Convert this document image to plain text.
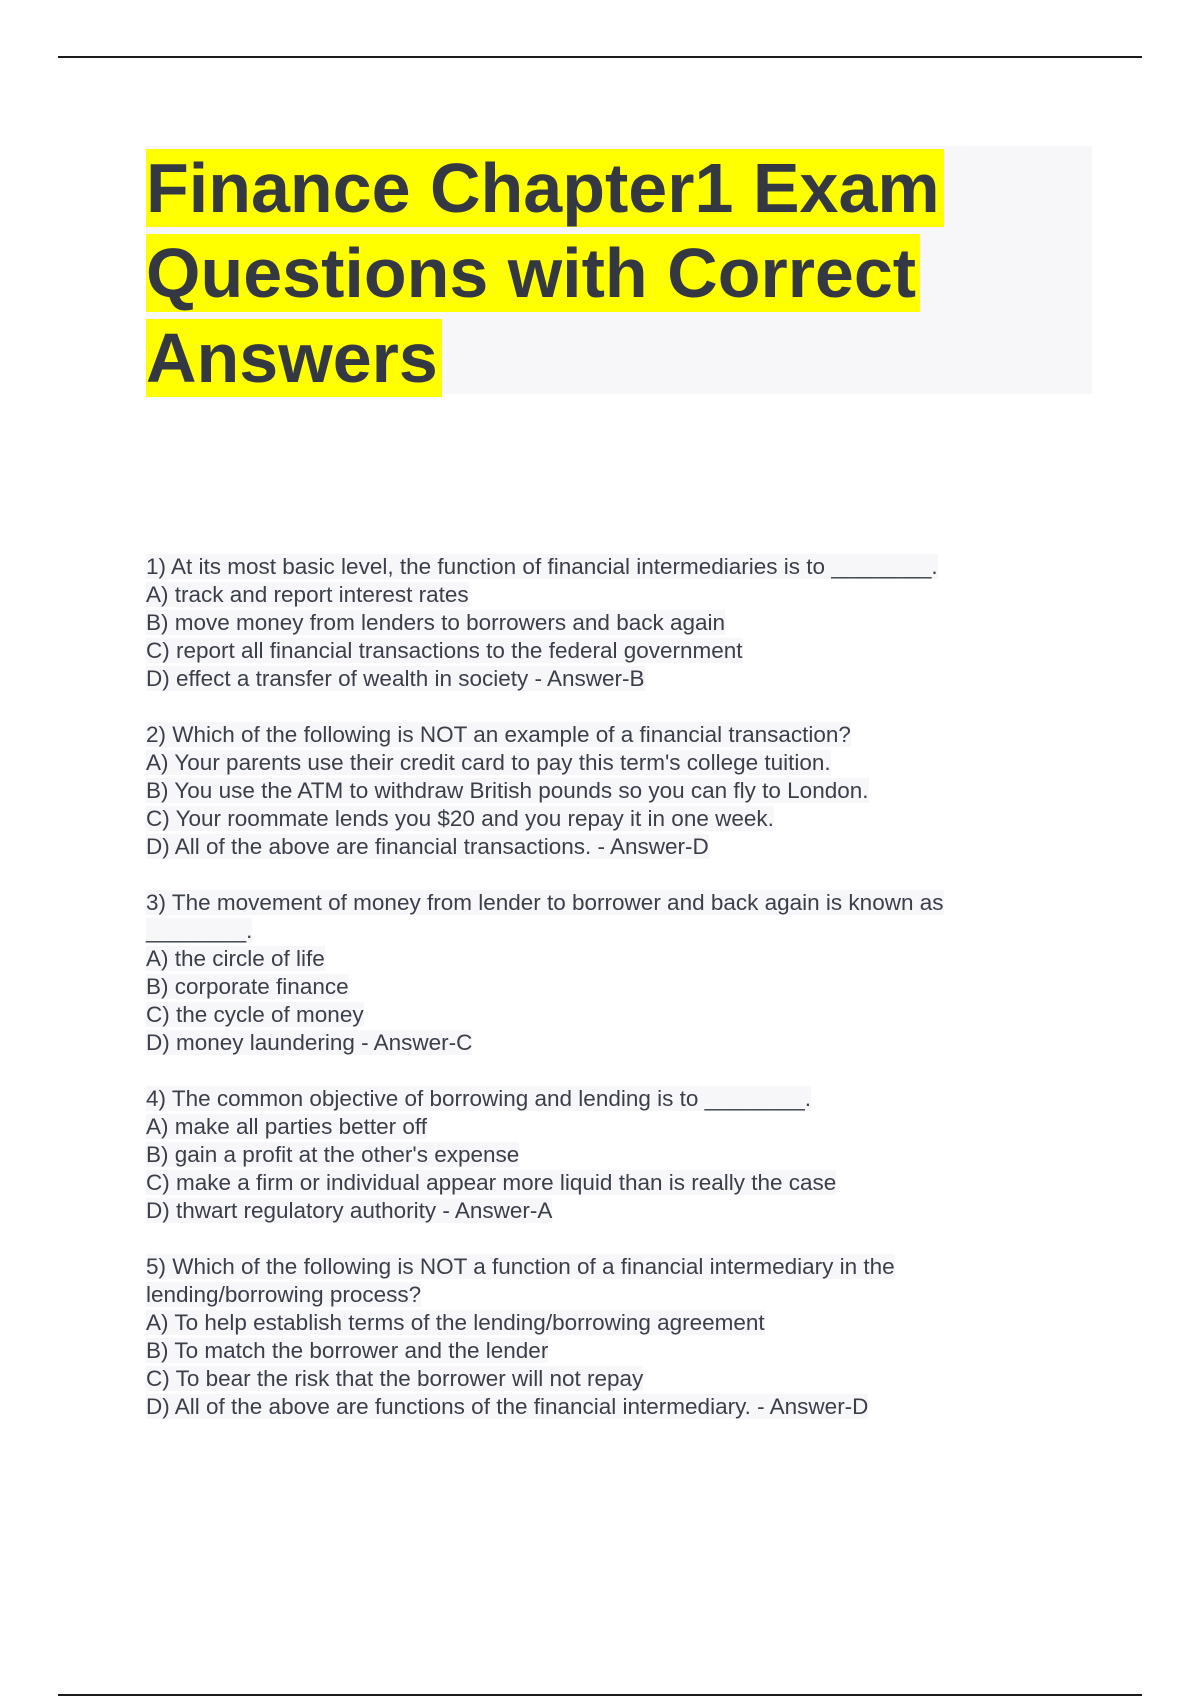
Finance Chapter1 Exam
Questions with Correct
Answers
1) At its most basic level, the function of financial intermediaries is to ________.
A) track and report interest rates
B) move money from lenders to borrowers and back again
C) report all financial transactions to the federal government
D) effect a transfer of wealth in society - Answer-B
2) Which of the following is NOT an example of a financial transaction?
A) Your parents use their credit card to pay this term's college tuition.
B) You use the ATM to withdraw British pounds so you can fly to London.
C) Your roommate lends you $20 and you repay it in one week.
D) All of the above are financial transactions. - Answer-D
3) The movement of money from lender to borrower and back again is known as
________.
A) the circle of life
B) corporate finance
C) the cycle of money
D) money laundering - Answer-C
4) The common objective of borrowing and lending is to ________.
A) make all parties better off
B) gain a profit at the other's expense
C) make a firm or individual appear more liquid than is really the case
D) thwart regulatory authority - Answer-A
5) Which of the following is NOT a function of a financial intermediary in the
lending/borrowing process?
A) To help establish terms of the lending/borrowing agreement
B) To match the borrower and the lender
C) To bear the risk that the borrower will not repay
D) All of the above are functions of the financial intermediary. - Answer-D
